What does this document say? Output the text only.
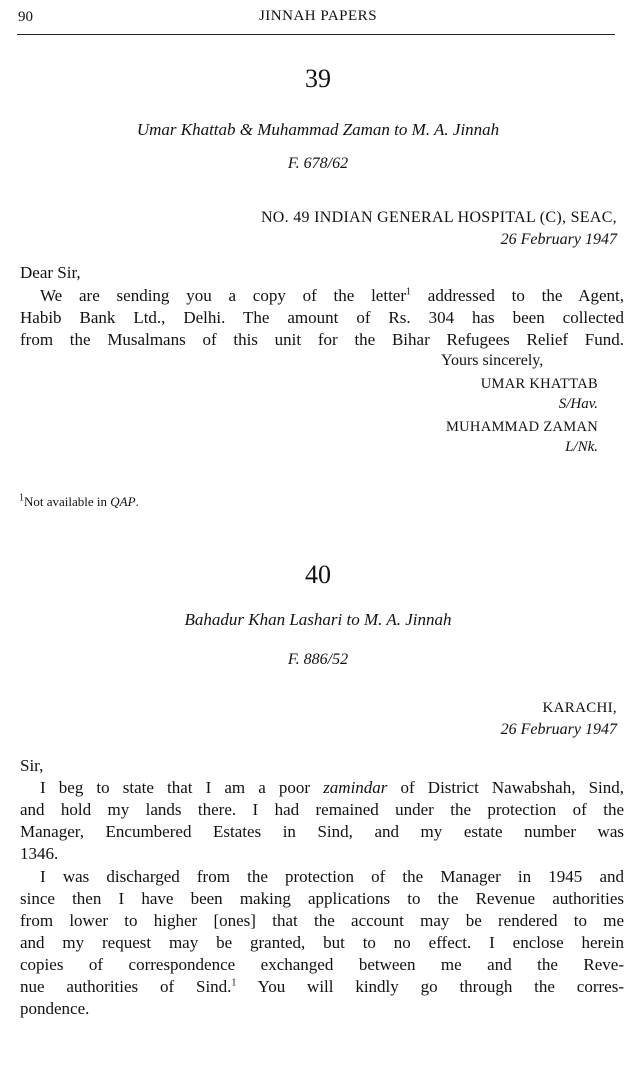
90	JINNAH PAPERS
39
Umar Khattab & Muhammad Zaman to M. A. Jinnah
F. 678/62
NO. 49 INDIAN GENERAL HOSPITAL (C), SEAC,
26 February 1947
Dear Sir,
We are sending you a copy of the letter$^1$ addressed to the Agent,
Habib Bank Ltd., Delhi. The amount of Rs. 304 has been collected
from the Musalmans of this unit for the Bihar Refugees Relief Fund.
Yours sincerely,
UMAR KHATTAB
S/Hav.
MUHAMMAD ZAMAN
L/Nk.
$^1$Not available in QAP.
40
Bahadur Khan Lashari to M. A. Jinnah
F. 886/52
KARACHI,
26 February 1947
Sir,
I beg to state that I am a poor zamindar of District Nawabshah, Sind,
and hold my lands there. I had remained under the protection of the
Manager, Encumbered Estates in Sind, and my estate number was
1346.
I was discharged from the protection of the Manager in 1945 and
since then I have been making applications to the Revenue authorities
from lower to higher [ones] that the account may be rendered to me
and my request may be granted, but to no effect. I enclose herein
copies of correspondence exchanged between me and the Reve-
nue authorities of Sind.$^1$ You will kindly go through the corres-
pondence.
